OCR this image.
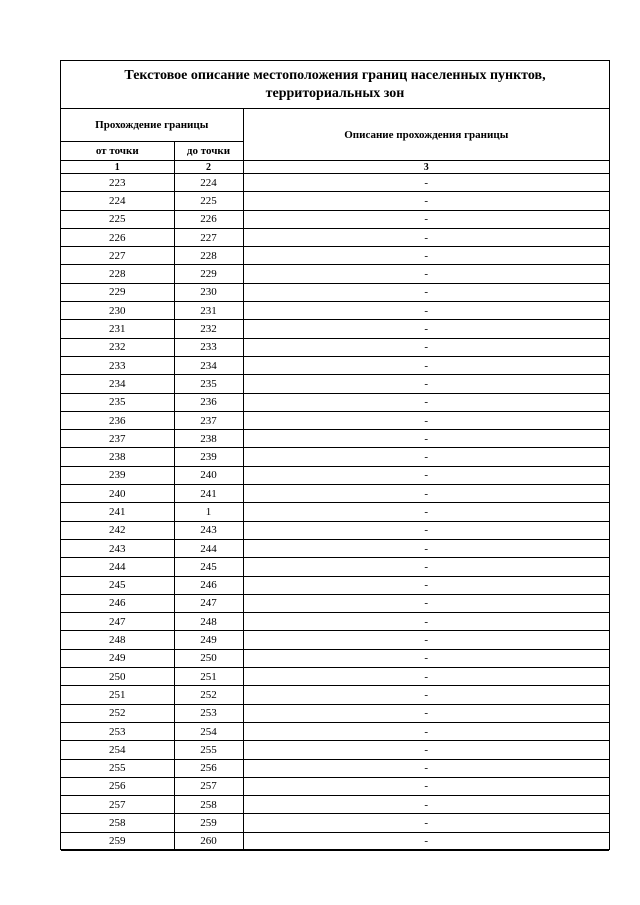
Текстовое описание местоположения границ населенных пунктов, территориальных зон
Прохождение границы		Описание прохождения границы
от точки	до точки	
1	2	3
223	224	-
224	225	-
225	226	-
226	227	-
227	228	-
228	229	-
229	230	-
230	231	-
231	232	-
232	233	-
233	234	-
234	235	-
235	236	-
236	237	-
237	238	-
238	239	-
239	240	-
240	241	-
241	1	-
242	243	-
243	244	-
244	245	-
245	246	-
246	247	-
247	248	-
248	249	-
249	250	-
250	251	-
251	252	-
252	253	-
253	254	-
254	255	-
255	256	-
256	257	-
257	258	-
258	259	-
259	260	-
